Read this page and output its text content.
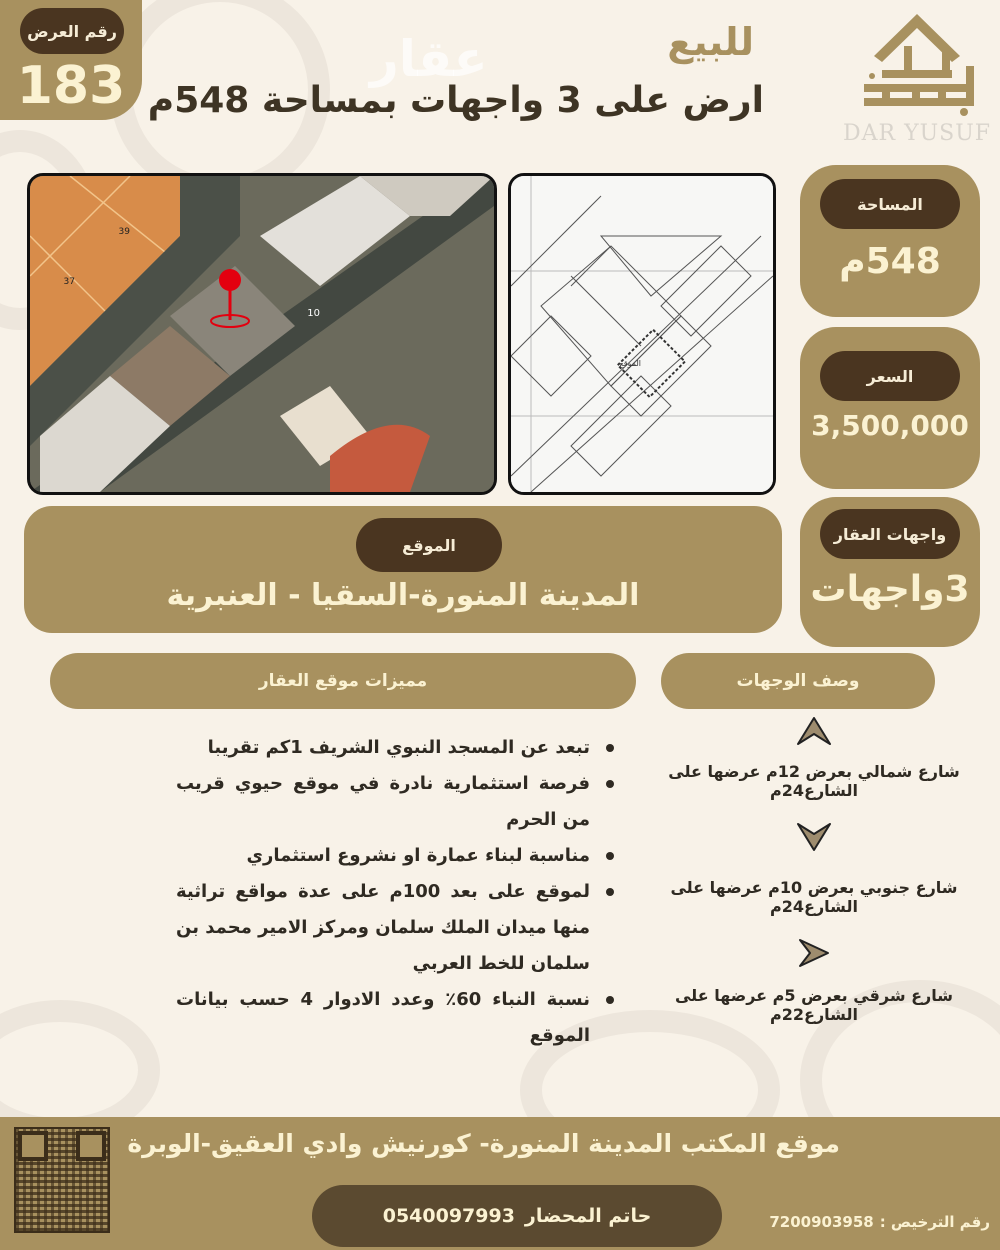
رقم العرض
183	عقار	للبيع
ارض على 3 واجهات بمساحة 548م
DAR YUSUF
39
37
10
الموقع
المساحة
548م
السعر
3,500,000
واجهات العقار
3واجهات
الموقع
المدينة المنورة-السقيا - العنبرية
مميزات موقع العقار	وصف الوجهات
تبعد عن المسجد النبوي الشريف 1كم تقريبا
فرصة استثمارية نادرة في موقع حيوي قريب من الحرم
مناسبة لبناء عمارة او نشروع استثماري
لموقع على بعد 100م على عدة مواقع تراثية منها ميدان الملك سلمان ومركز الامير محمد بن سلمان للخط العربي
نسبة النباء 60٪ وعدد الادوار 4 حسب بيانات الموقع
شارع شمالي بعرض 12م عرضها على الشارع24م
شارع جنوبي بعرض 10م عرضها على الشارع24م
شارع شرقي بعرض 5م عرضها على الشارع22م
موقع المكتب المدينة المنورة- كورنيش وادي العقيق-الوبرة
حاتم المحضار
0540097993	رقم الترخيص :
7200903958
